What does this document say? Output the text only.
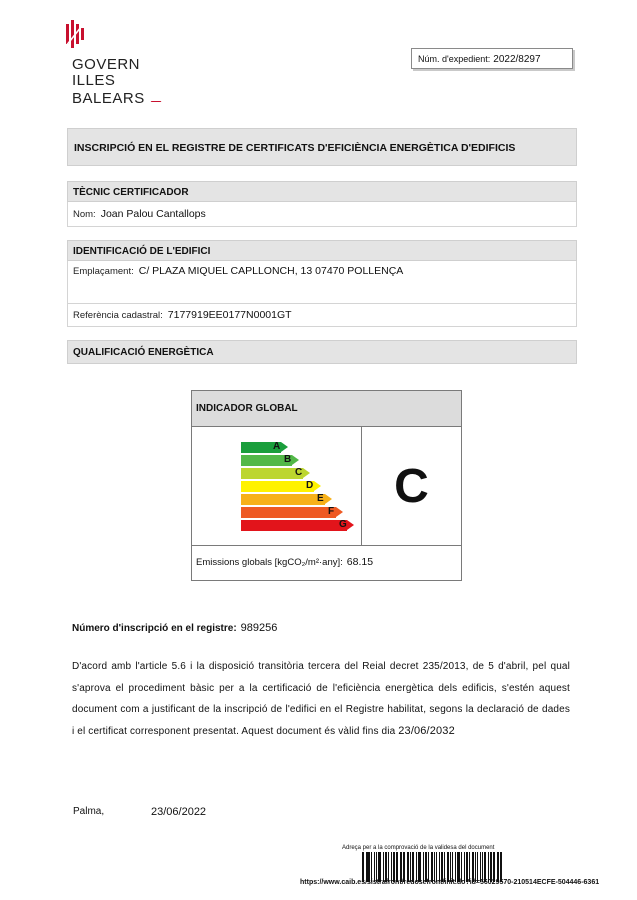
GOVERN
ILLES
BALEARS
Núm. d'expedient: 2022/8297
INSCRIPCIÓ EN EL REGISTRE DE CERTIFICATS D'EFICIÈNCIA ENERGÈTICA D'EDIFICIS
TÈCNIC CERTIFICADOR
Nom: Joan Palou Cantallops
IDENTIFICACIÓ DE L'EDIFICI
Emplaçament: C/ PLAZA MIQUEL CAPLLONCH, 13 07470 POLLENÇA
Referència cadastral: 7177919EE0177N0001GT
QUALIFICACIÓ ENERGÈTICA
INDICADOR GLOBAL
A
B
C
D
E
F
G
C
Emissions globals [kgCO₂/m²·any]: 68.15
Número d'inscripció en el registre: 989256
D'acord amb l'article 5.6 i la disposició transitòria tercera del Reial decret 235/2013, de 5 d'abril, pel qual s'aprova el procediment bàsic per a la certificació de l'eficiència energètica dels edificis, s'estén aquest document com a justificant de la inscripció de l'edifici en el Registre habilitat, segons la declaració de dades i el certificat corresponent presentat. Aquest document és vàlid fins dia 23/06/2032
Palma,	23/06/2022
Adreça per a la comprovació de la validesa del document
https://www.caib.es/sistrafront/redosefront/init.do?id=56029570-210514ECFE-504446-6361
